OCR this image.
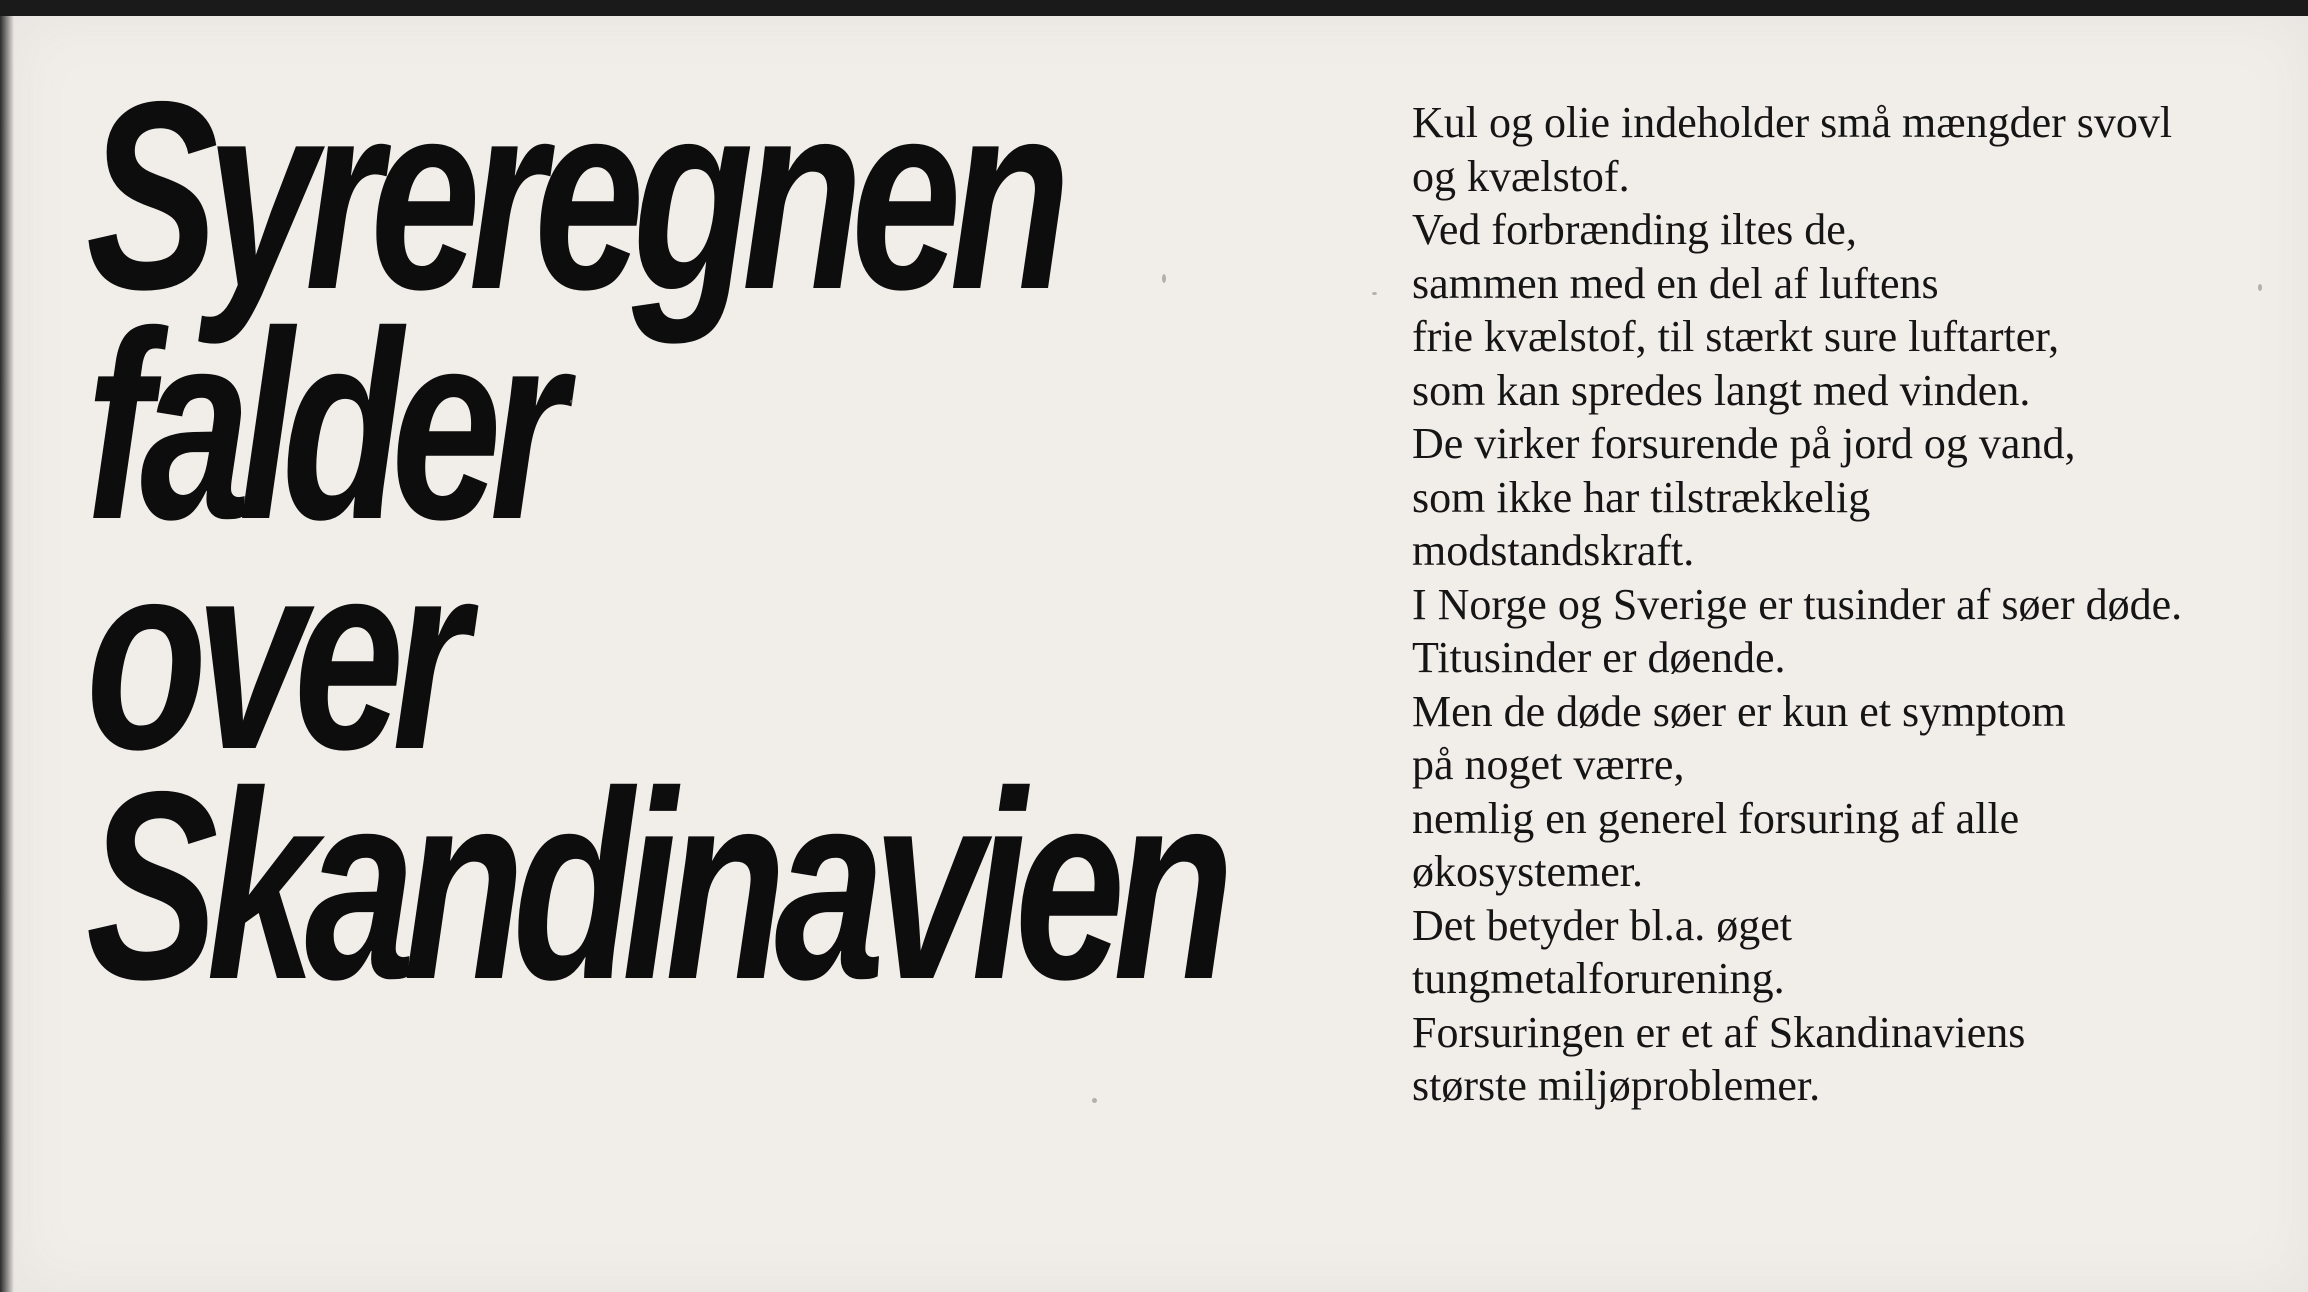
Syreregnen
falder
over
Skandinavien
Kul og olie indeholder små mængder svovl
og kvælstof.
Ved forbrænding iltes de,
sammen med en del af luftens
frie kvælstof, til stærkt sure luftarter,
som kan spredes langt med vinden.
De virker forsurende på jord og vand,
som ikke har tilstrækkelig
modstandskraft.
I Norge og Sverige er tusinder af søer døde.
Titusinder er døende.
Men de døde søer er kun et symptom
på noget værre,
nemlig en generel forsuring af alle
økosystemer.
Det betyder bl.a. øget
tungmetalforurening.
Forsuringen er et af Skandinaviens
største miljøproblemer.
